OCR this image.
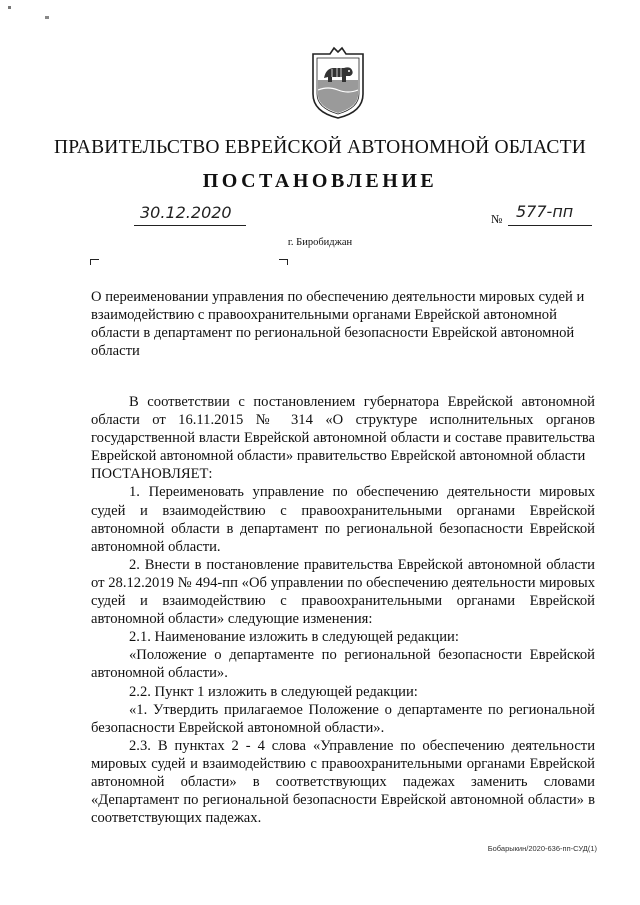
ПРАВИТЕЛЬСТВО ЕВРЕЙСКОЙ АВТОНОМНОЙ ОБЛАСТИ
ПОСТАНОВЛЕНИЕ
30.12.2020	№ 577-пп
г. Биробиджан
О переименовании управления по обеспечению деятельности мировых судей и взаимодействию с правоохранительными органами Еврейской автономной области в департамент по региональной безопасности Еврейской автономной области

В соответствии с постановлением губернатора Еврейской автономной области от 16.11.2015 № 314 «О структуре исполнительных органов государственной власти Еврейской автономной области и составе правительства Еврейской автономной области» правительство Еврейской автономной области

ПОСТАНОВЛЯЕТ:

1. Переименовать управление по обеспечению деятельности мировых судей и взаимодействию с правоохранительными органами Еврейской автономной области в департамент по региональной безопасности Еврейской автономной области.

2. Внести в постановление правительства Еврейской автономной области от 28.12.2019 № 494-пп «Об управлении по обеспечению деятельности мировых судей и взаимодействию с правоохранительными органами Еврейской автономной области» следующие изменения:

2.1. Наименование изложить в следующей редакции:

«Положение о департаменте по региональной безопасности Еврейской автономной области».

2.2. Пункт 1 изложить в следующей редакции:

«1. Утвердить прилагаемое Положение о департаменте по региональной безопасности Еврейской автономной области».

2.3. В пунктах 2 - 4 слова «Управление по обеспечению деятельности мировых судей и взаимодействию с правоохранительными органами Еврейской автономной области» в соответствующих падежах заменить словами «Департамент по региональной безопасности Еврейской автономной области» в соответствующих падежах.

Бобарыкин/2020-636-пп-СУД(1)
